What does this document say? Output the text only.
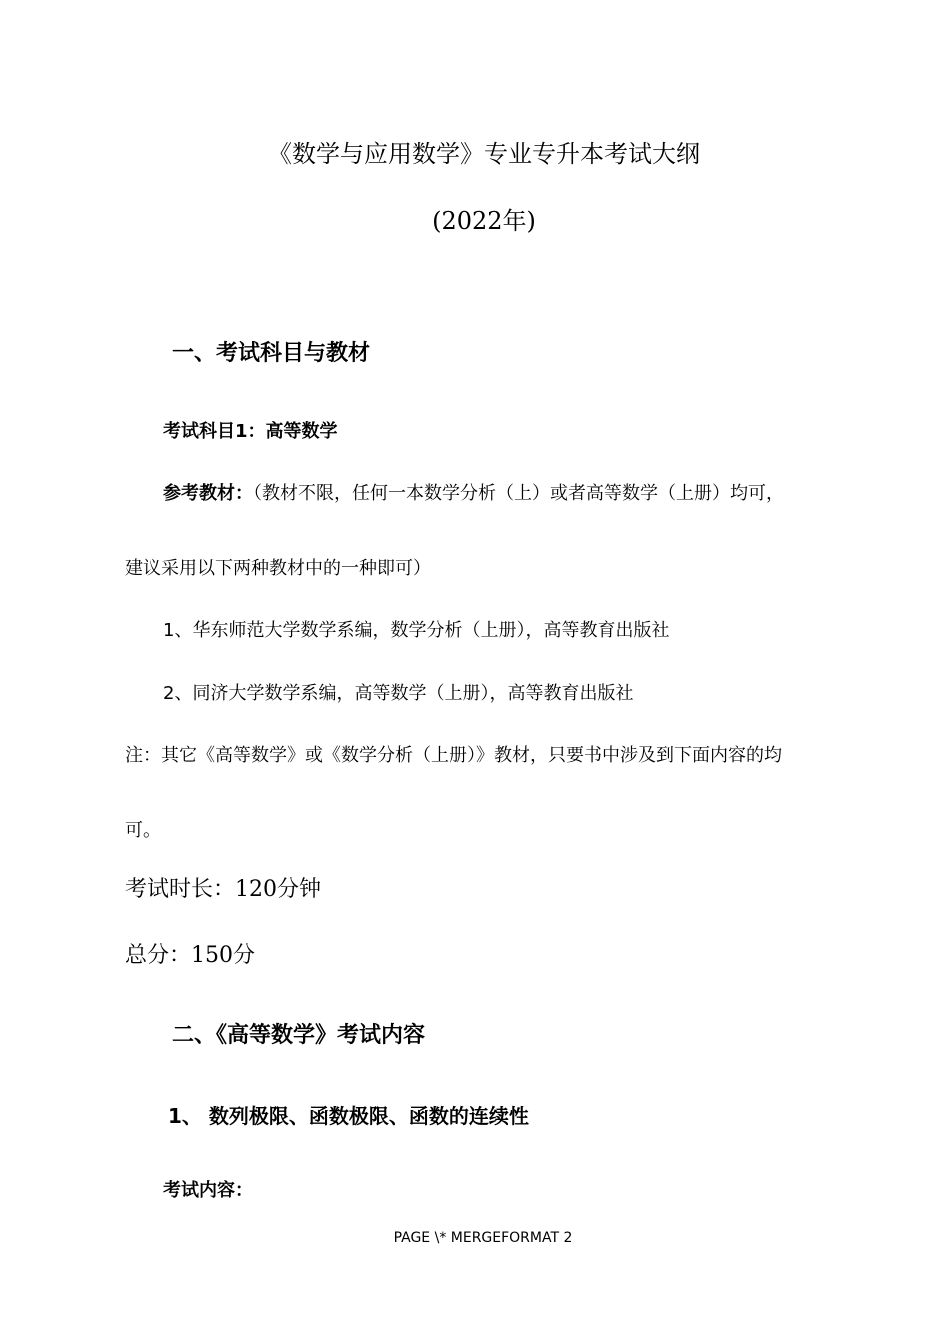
《数学与应用数学》专业专升本考试大纲
(2022年)
一、考试科目与教材
考试科目1：高等数学
参考教材：（教材不限，任何一本数学分析（上）或者高等数学（上册）均可，
建议采用以下两种教材中的一种即可）
1、华东师范大学数学系编，数学分析（上册），高等教育出版社
2、同济大学数学系编，高等数学（上册），高等教育出版社
注：其它《高等数学》或《数学分析（上册）》教材，只要书中涉及到下面内容的均
可。
考试时长：120分钟
总分：150分
二、《高等数学》考试内容
1、 数列极限、函数极限、函数的连续性
考试内容：
PAGE \* MERGEFORMAT 2
